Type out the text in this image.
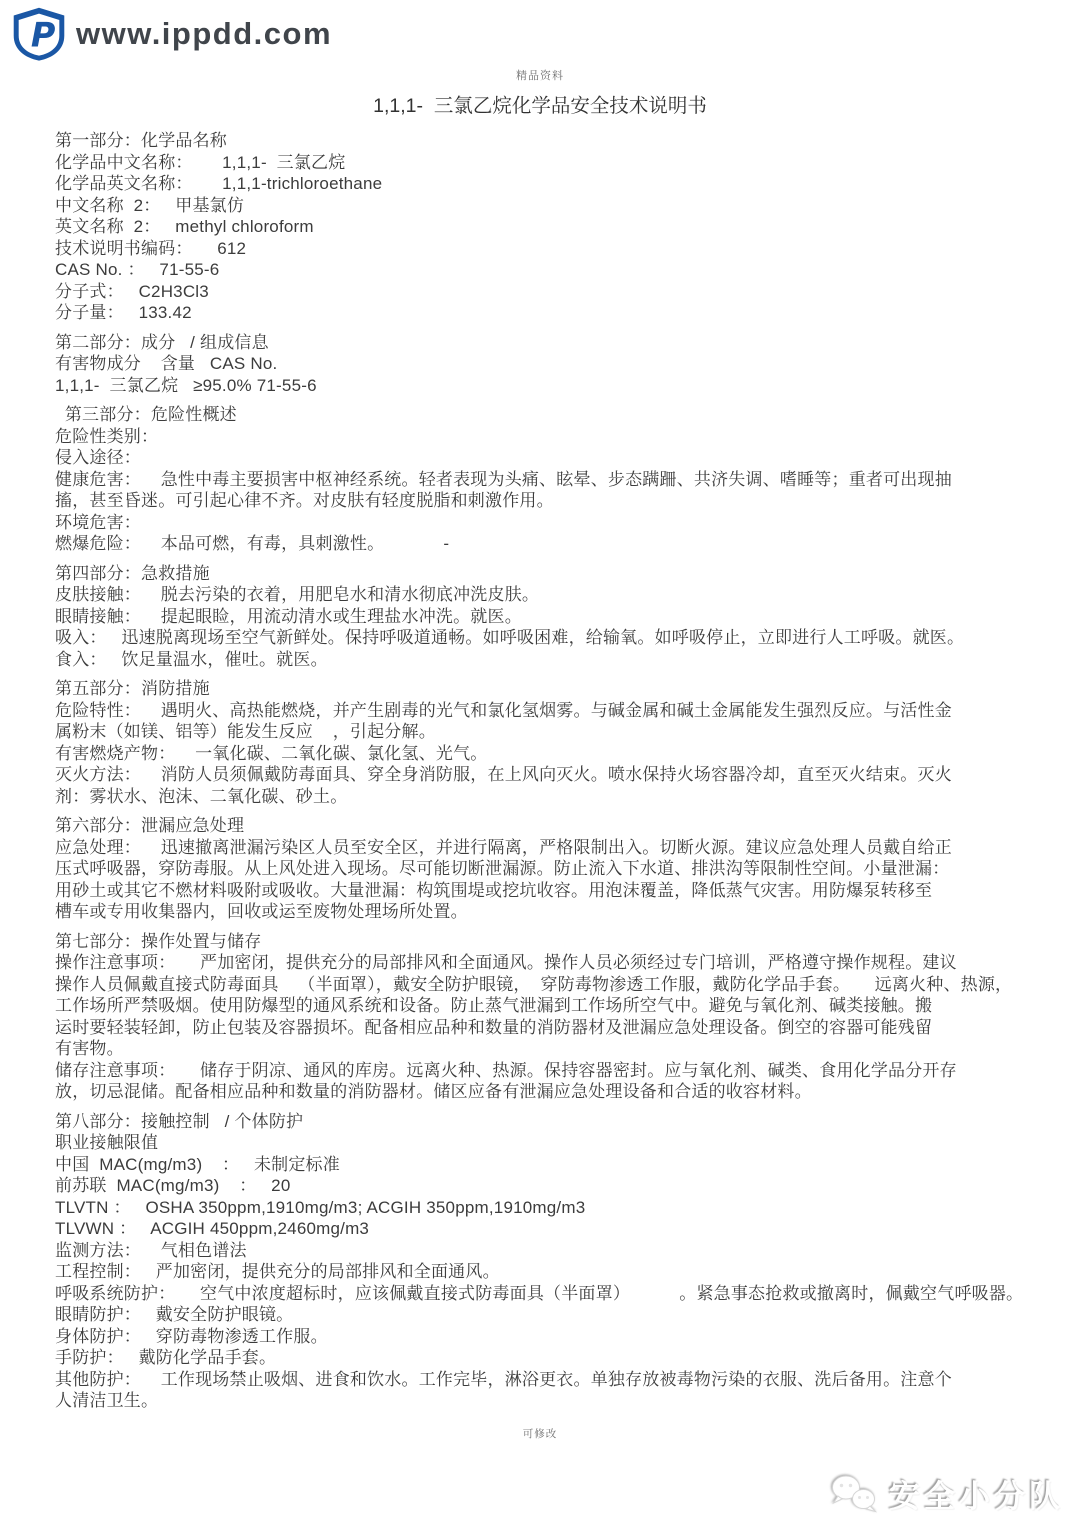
P www.ippdd.com
精品资料
1,1,1-  三氯乙烷化学品安全技术说明书
第一部分：化学品名称
化学品中文名称：      1,1,1-  三氯乙烷
化学品英文名称：      1,1,1-trichloroethane
中文名称  2：   甲基氯仿
英文名称  2：   methyl chloroform
技术说明书编码：     612
CAS No. ：   71-55-6
分子式：   C2H3Cl3
分子量：   133.42
第二部分：成分   / 组成信息
有害物成分    含量   CAS No.
1,1,1-  三氯乙烷   ≥95.0% 71-55-6
第三部分：危险性概述
危险性类别：
侵入途径：
健康危害：    急性中毒主要损害中枢神经系统。轻者表现为头痛、眩晕、步态蹒跚、共济失调、嗜睡等；重者可出现抽
搐，甚至昏迷。可引起心律不齐。对皮肤有轻度脱脂和刺激作用。
环境危害：
燃爆危险：    本品可燃，有毒，具刺激性。            -
第四部分：急救措施
皮肤接触：    脱去污染的衣着，用肥皂水和清水彻底冲洗皮肤。
眼睛接触：    提起眼睑，用流动清水或生理盐水冲洗。就医。
吸入：   迅速脱离现场至空气新鲜处。保持呼吸道通畅。如呼吸困难，给输氧。如呼吸停止，立即进行人工呼吸。就医。
食入：   饮足量温水，催吐。就医。
第五部分：消防措施
危险特性：    遇明火、高热能燃烧，并产生剧毒的光气和氯化氢烟雾。与碱金属和碱土金属能发生强烈反应。与活性金
属粉末（如镁、铝等）能发生反应    ，引起分解。
有害燃烧产物：    一氧化碳、二氧化碳、氯化氢、光气。
灭火方法：    消防人员须佩戴防毒面具、穿全身消防服，在上风向灭火。喷水保持火场容器冷却，直至灭火结束。灭火
剂：雾状水、泡沫、二氧化碳、砂土。
第六部分：泄漏应急处理
应急处理：    迅速撤离泄漏污染区人员至安全区，并进行隔离，严格限制出入。切断火源。建议应急处理人员戴自给正
压式呼吸器，穿防毒服。从上风处进入现场。尽可能切断泄漏源。防止流入下水道、排洪沟等限制性空间。小量泄漏：
用砂土或其它不燃材料吸附或吸收。大量泄漏：构筑围堤或挖坑收容。用泡沫覆盖，降低蒸气灾害。用防爆泵转移至
槽车或专用收集器内，回收或运至废物处理场所处置。
第七部分：操作处置与储存
操作注意事项：     严加密闭，提供充分的局部排风和全面通风。操作人员必须经过专门培训，严格遵守操作规程。建议
操作人员佩戴直接式防毒面具    （半面罩），戴安全防护眼镜，  穿防毒物渗透工作服，戴防化学品手套。     远离火种、热源，
工作场所严禁吸烟。使用防爆型的通风系统和设备。防止蒸气泄漏到工作场所空气中。避免与氧化剂、碱类接触。搬
运时要轻装轻卸，防止包装及容器损坏。配备相应品种和数量的消防器材及泄漏应急处理设备。倒空的容器可能残留
有害物。
储存注意事项：     储存于阴凉、通风的库房。远离火种、热源。保持容器密封。应与氧化剂、碱类、食用化学品分开存
放，切忌混储。配备相应品种和数量的消防器材。储区应备有泄漏应急处理设备和合适的收容材料。
第八部分：接触控制   / 个体防护
职业接触限值
中国  MAC(mg/m3)    ：   未制定标准
前苏联  MAC(mg/m3)    ：   20
TLVTN ：   OSHA 350ppm,1910mg/m3; ACGIH 350ppm,1910mg/m3
TLVWN ：   ACGIH 450ppm,2460mg/m3
监测方法：    气相色谱法
工程控制：   严加密闭，提供充分的局部排风和全面通风。
呼吸系统防护：     空气中浓度超标时，应该佩戴直接式防毒面具（半面罩）          。紧急事态抢救或撤离时，佩戴空气呼吸器。
眼睛防护：   戴安全防护眼镜。
身体防护：   穿防毒物渗透工作服。
手防护：   戴防化学品手套。
其他防护：    工作现场禁止吸烟、进食和饮水。工作完毕，淋浴更衣。单独存放被毒物污染的衣服、洗后备用。注意个
人清洁卫生。
可修改
安全小分队
